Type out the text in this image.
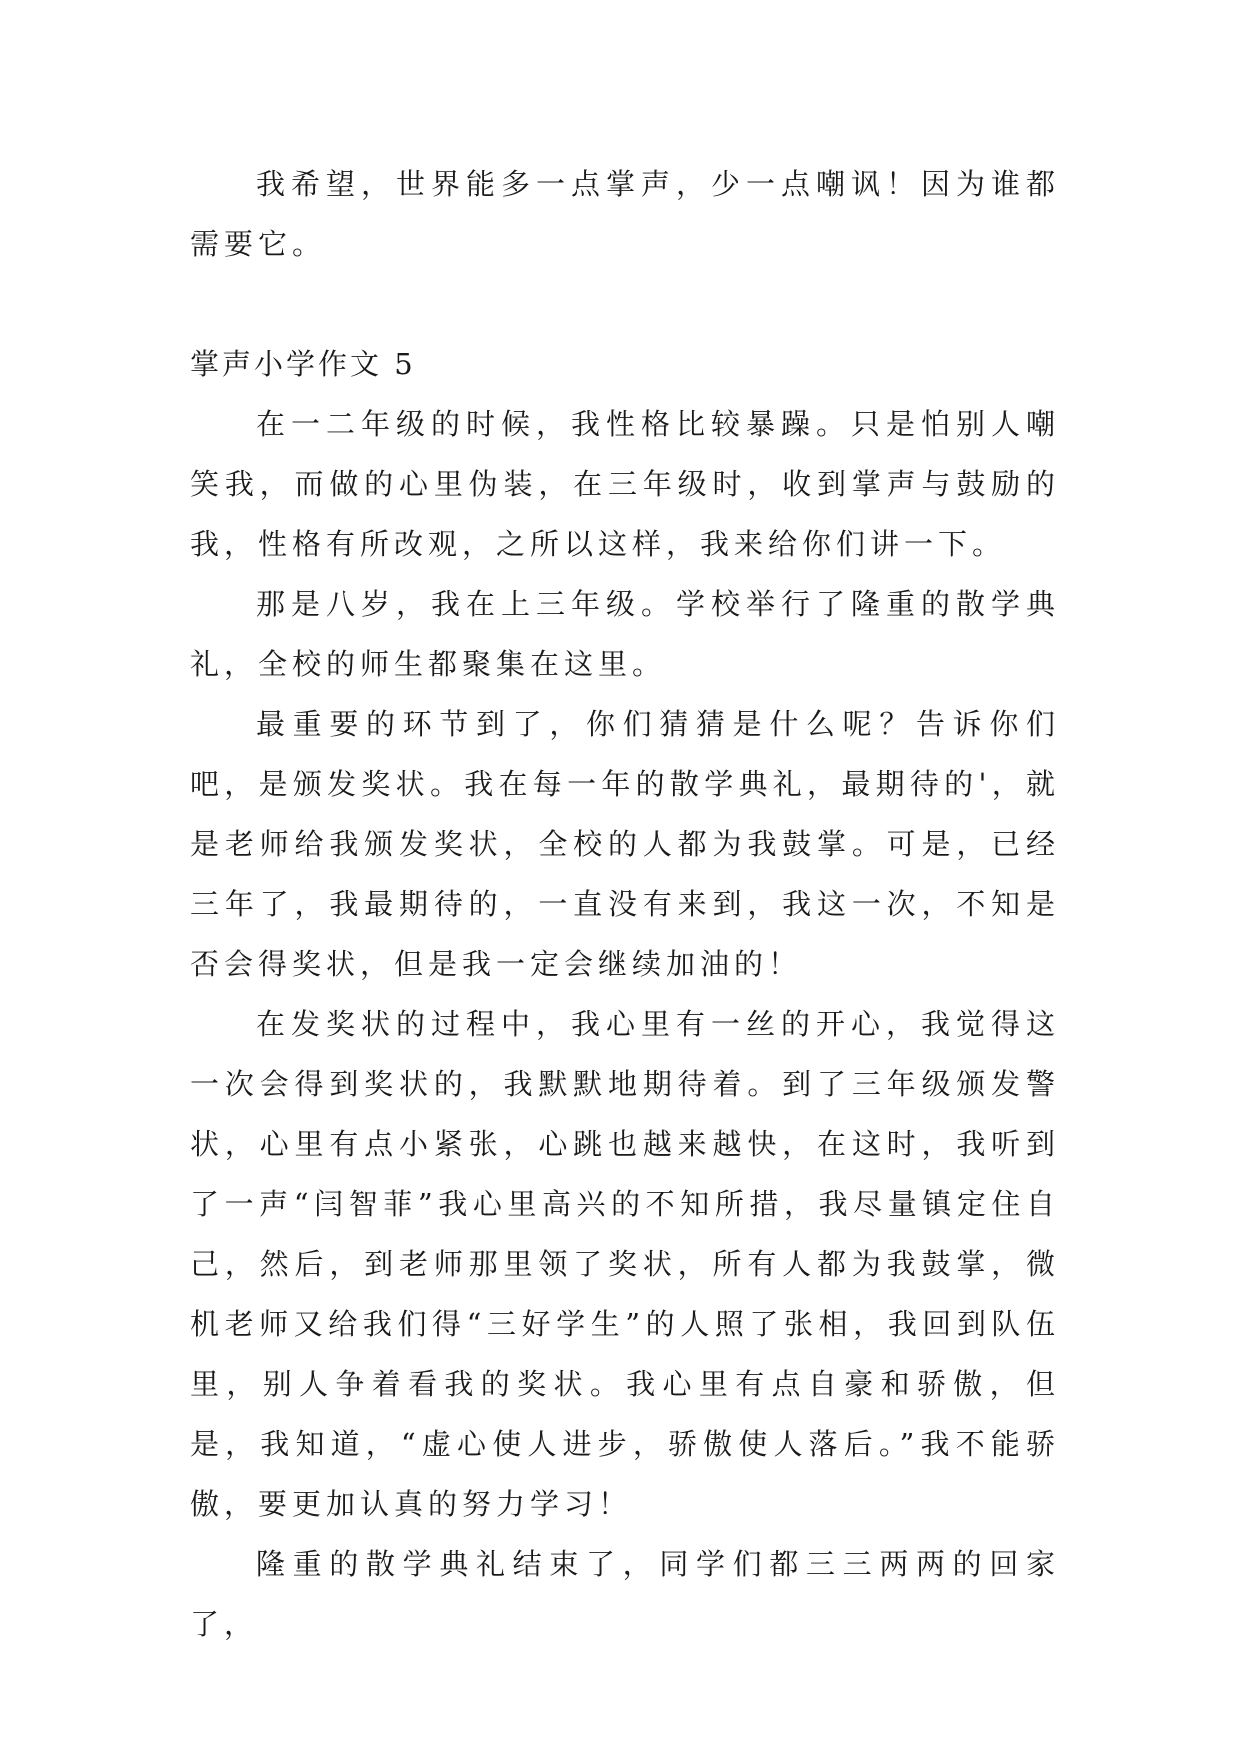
我希望，世界能多一点掌声，少一点嘲讽！因为谁都需要它。

掌声小学作文 5

在一二年级的时候，我性格比较暴躁。只是怕别人嘲笑我，而做的心里伪装，在三年级时，收到掌声与鼓励的我，性格有所改观，之所以这样，我来给你们讲一下。

那是八岁，我在上三年级。学校举行了隆重的散学典礼，全校的师生都聚集在这里。

最重要的环节到了，你们猜猜是什么呢？告诉你们吧，是颁发奖状。我在每一年的散学典礼，最期待的'，就是老师给我颁发奖状，全校的人都为我鼓掌。可是，已经三年了，我最期待的，一直没有来到，我这一次，不知是否会得奖状，但是我一定会继续加油的！

在发奖状的过程中，我心里有一丝的开心，我觉得这一次会得到奖状的，我默默地期待着。到了三年级颁发警状，心里有点小紧张，心跳也越来越快，在这时，我听到了一声“闫智菲”我心里高兴的不知所措，我尽量镇定住自己，然后，到老师那里领了奖状，所有人都为我鼓掌，微机老师又给我们得“三好学生”的人照了张相，我回到队伍里，别人争着看我的奖状。我心里有点自豪和骄傲，但是，我知道，“虚心使人进步，骄傲使人落后。”我不能骄傲，要更加认真的努力学习！

隆重的散学典礼结束了，同学们都三三两两的回家了，
